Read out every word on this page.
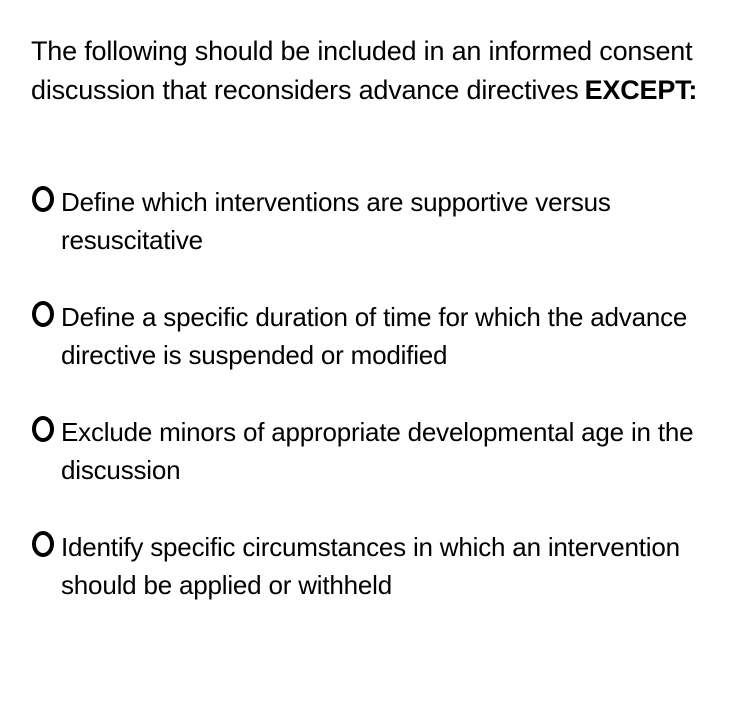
The following should be included in an informed consent discussion that reconsiders advance directives EXCEPT:
Define which interventions are supportive versus resuscitative
Define a specific duration of time for which the advance directive is suspended or modified
Exclude minors of appropriate developmental age in the discussion
Identify specific circumstances in which an intervention should be applied or withheld
